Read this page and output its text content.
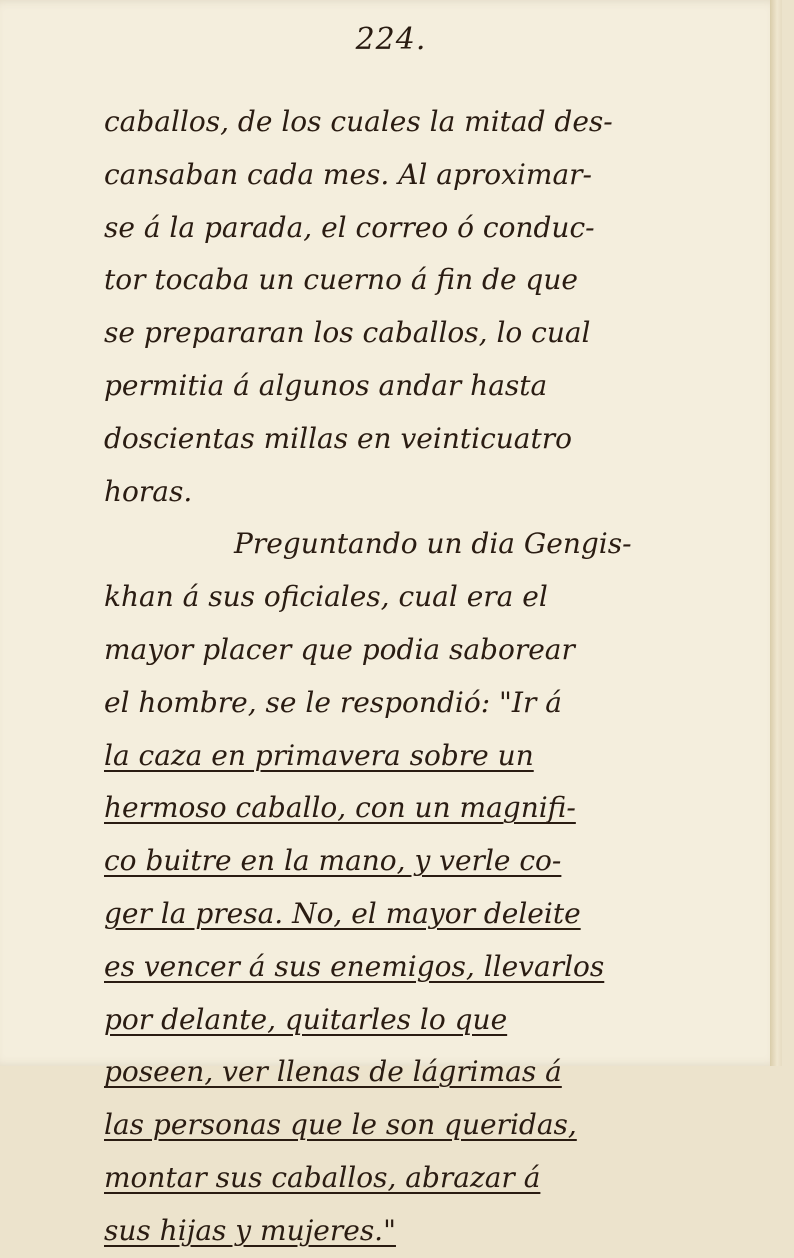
224.
caballos, de los cuales la mitad des-
cansaban cada mes. Al aproximar-
se á la parada, el correo ó conduc-
tor tocaba un cuerno á fin de que
se prepararan los caballos, lo cual
permitia á algunos andar hasta
doscientas millas en veinticuatro
horas.
Preguntando un dia Gengis-
khan á sus oficiales, cual era el
mayor placer que podia saborear
el hombre, se le respondió: "Ir á
la caza en primavera sobre un
hermoso caballo, con un magnifi-
co buitre en la mano, y verle co-
ger la presa. No, el mayor deleite
es vencer á sus enemigos, llevarlos
por delante, quitarles lo que
poseen, ver llenas de lágrimas á
las personas que le son queridas,
montar sus caballos, abrazar á
sus hijas y mujeres."
